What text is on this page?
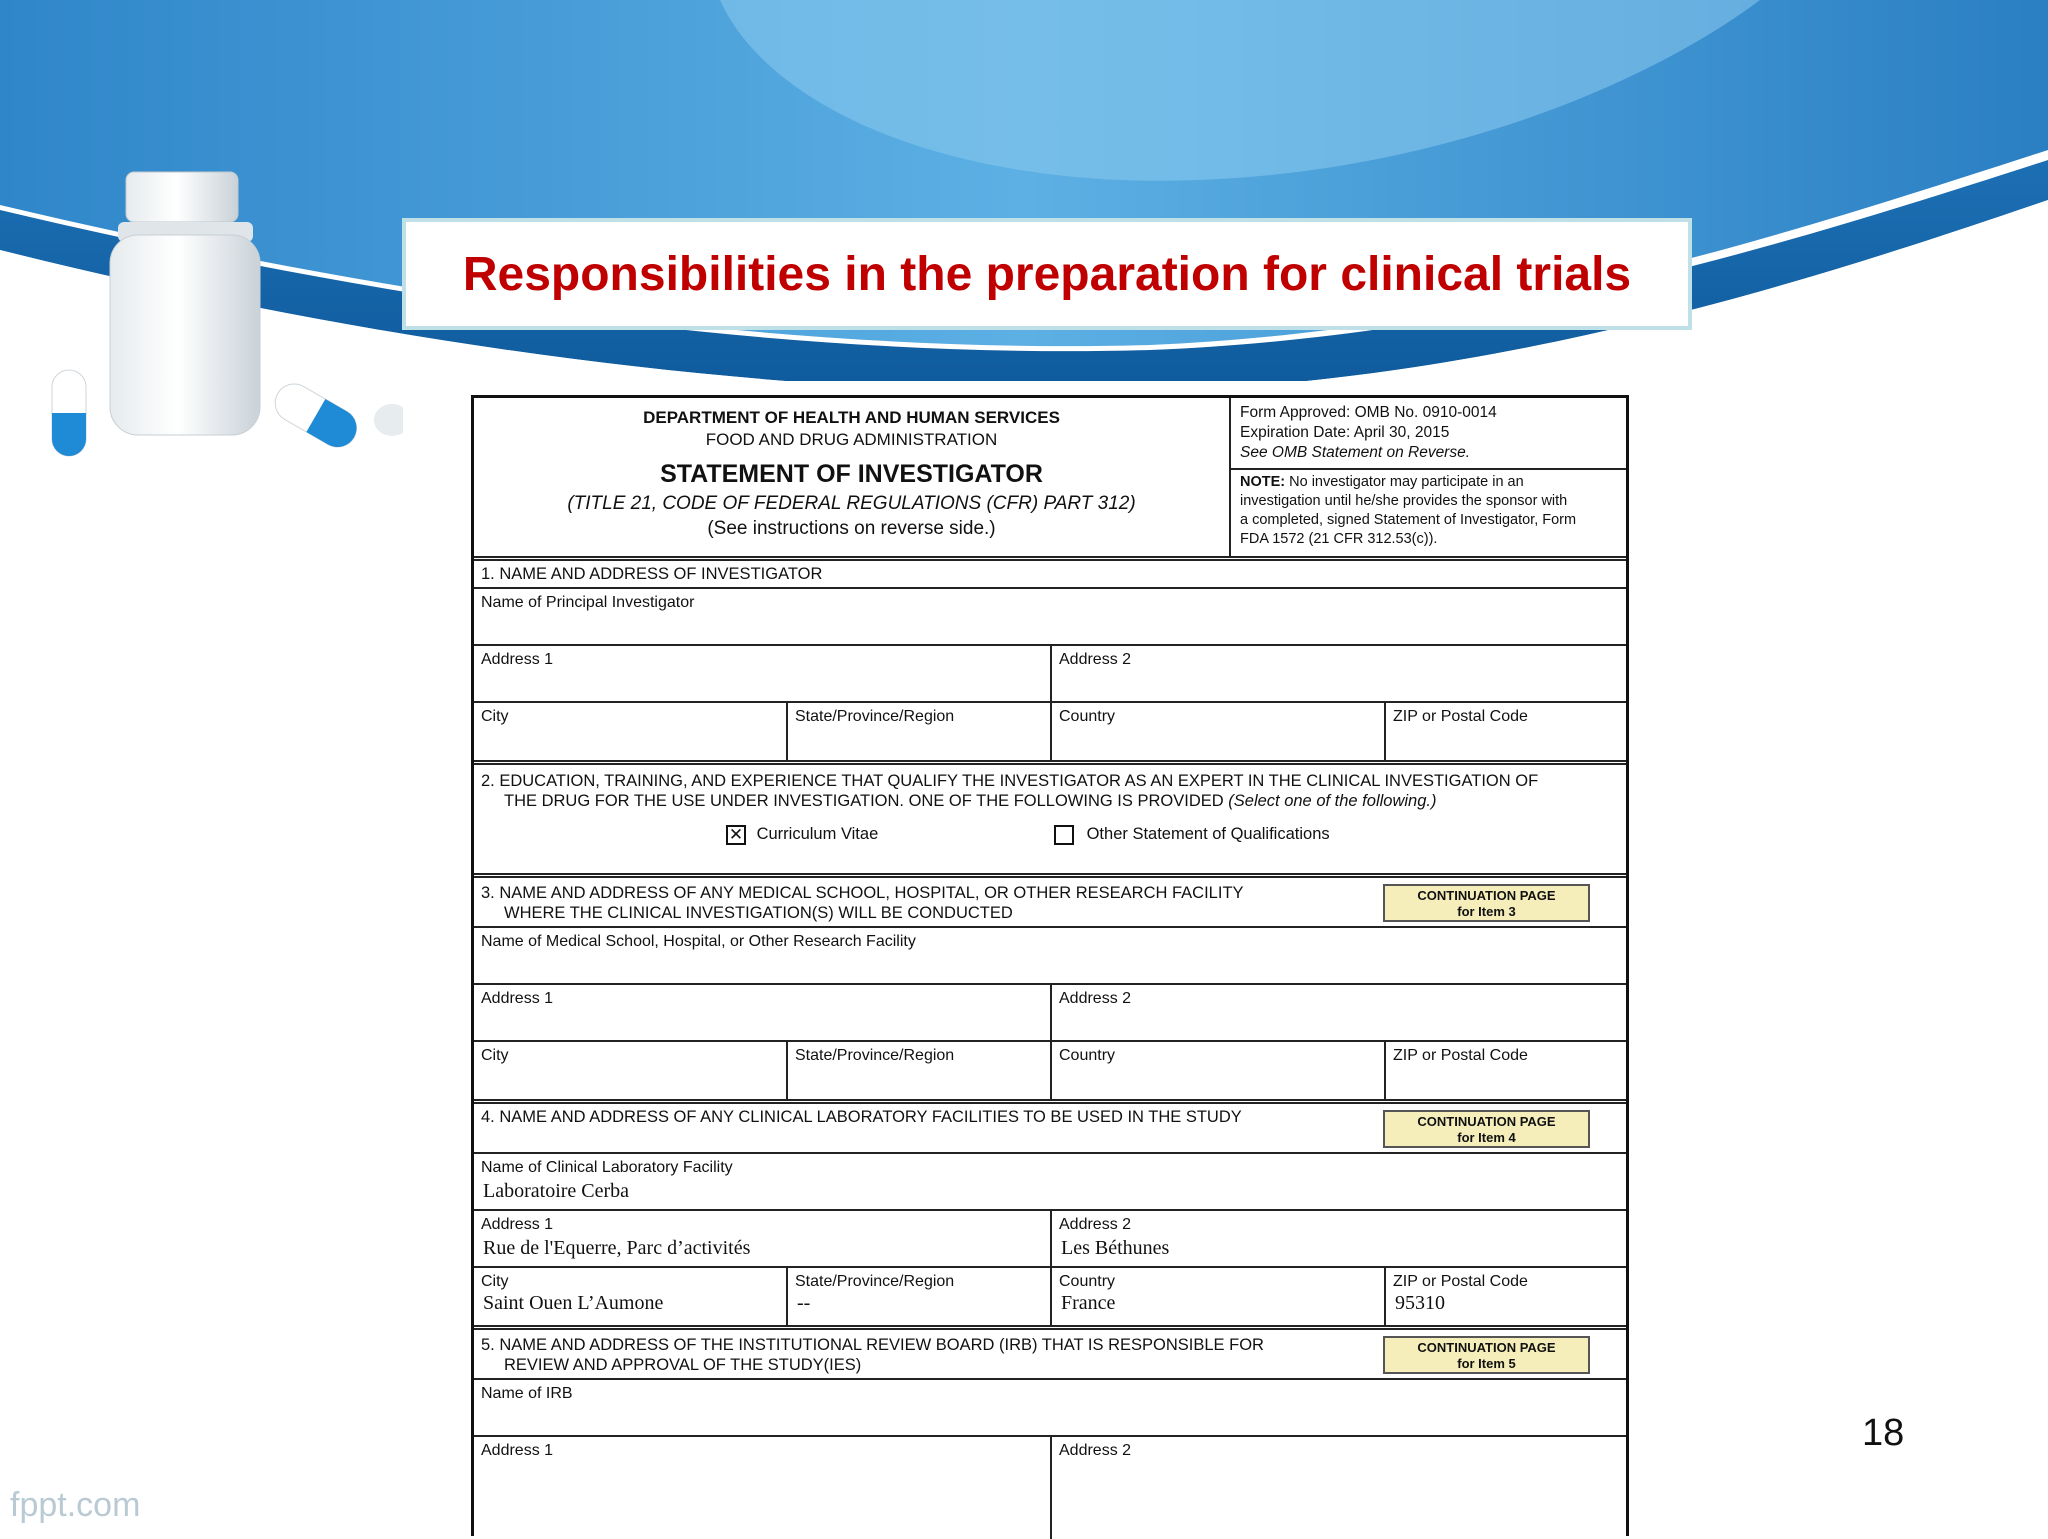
Responsibilities in the preparation for clinical trials
DEPARTMENT OF HEALTH AND HUMAN SERVICES
FOOD AND DRUG ADMINISTRATION
STATEMENT OF INVESTIGATOR
(TITLE 21, CODE OF FEDERAL REGULATIONS (CFR) PART 312)
(See instructions on reverse side.)
Form Approved: OMB No. 0910-0014
Expiration Date: April 30, 2015
See OMB Statement on Reverse.
NOTE: No investigator may participate in an
investigation until he/she provides the sponsor with
a completed, signed Statement of Investigator, Form
FDA 1572 (21 CFR 312.53(c)).
1. NAME AND ADDRESS OF INVESTIGATOR
Name of Principal Investigator
Address 1	Address 2
City	State/Province/Region	Country	ZIP or Postal Code
2. EDUCATION, TRAINING, AND EXPERIENCE THAT QUALIFY THE INVESTIGATOR AS AN EXPERT IN THE CLINICAL INVESTIGATION OF
THE DRUG FOR THE USE UNDER INVESTIGATION. ONE OF THE FOLLOWING IS PROVIDED (Select one of the following.)
✕ Curriculum Vitae	Other Statement of Qualifications
3. NAME AND ADDRESS OF ANY MEDICAL SCHOOL, HOSPITAL, OR OTHER RESEARCH FACILITY
WHERE THE CLINICAL INVESTIGATION(S) WILL BE CONDUCTED
CONTINUATION PAGE
for Item 3
Name of Medical School, Hospital, or Other Research Facility
Address 1	Address 2
City	State/Province/Region	Country	ZIP or Postal Code
4. NAME AND ADDRESS OF ANY CLINICAL LABORATORY FACILITIES TO BE USED IN THE STUDY	CONTINUATION PAGE
for Item 4
Name of Clinical Laboratory Facility
Laboratoire Cerba
Address 1
Rue de l'Equerre, Parc d’activités
Address 2
Les Béthunes
City
Saint Ouen L’Aumone
State/Province/Region
--
Country
France
ZIP or Postal Code
95310
5. NAME AND ADDRESS OF THE INSTITUTIONAL REVIEW BOARD (IRB) THAT IS RESPONSIBLE FOR
REVIEW AND APPROVAL OF THE STUDY(IES)
CONTINUATION PAGE
for Item 5
Name of IRB
Address 1	Address 2	18
fppt.com
